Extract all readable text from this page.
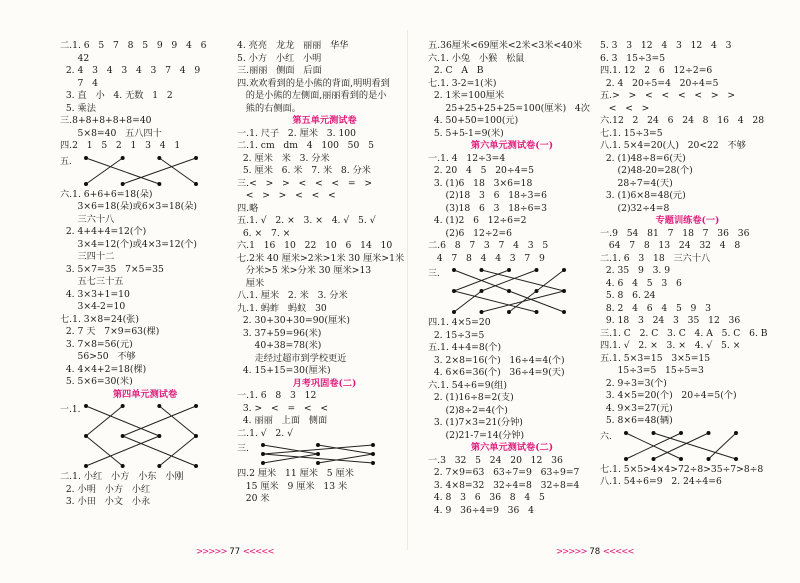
二.1. 6   5   7   8   5   9   9   4   6
42
2. 4   3   4   3   4   3   7   4   9
7   4
3. 直   小   4. 无数   1   2
5. 乘法
三.8+8+8+8+8=40
5×8=40   五八四十
四.2   1   5   2   1   3   4   1
五.
六.1. 6+6+6=18(朵)
3×6=18(朵)或6×3=18(朵)
三六十八
2. 4+4+4=12(个)
3×4=12(个)或4×3=12(个)
三四十二
3. 5×7=35   7×5=35
五七三十五
4. 3×3+1=10
3×4-2=10
七.1. 3×8=24(张)
2. 7 天   7×9=63(棵)
3. 7×8=56(元)
56>50   不够
4. 4×4+2=18(棵)
5. 5×6=30(米)
第四单元测试卷
一.1.
二.1. 小红   小方   小东   小刚
2. 小明   小方   小红
3. 小田   小文   小永
4. 亮亮   龙龙   丽丽   华华
5. 小方   小红   小明
三.丽丽   侧面   后面
四.欢欢看到的是小熊的背面,明明看到
的是小熊的左侧面,丽丽看到的是小
熊的右侧面。
第五单元测试卷
一.1. 尺子   2. 厘米   3. 100
二.1. cm   dm   4   100   50   5
2. 厘米   米   3. 分米
5. 厘米   6. 米   7. 米   8. 分米
三.<   >   >   <   <   <   =   >
<   >   >   <   <   <
四.略
五.1. √   2. ×   3. ×   4. √   5. √
6. ×   7. ×
六.1   16   10   22   10   6   14   10
七.2米 40 厘米>2米>1米 30 厘米>1米
分米>5 米>分米 30 厘米>13
厘米
八.1. 厘米   2. 米   3. 分米
九.1. 蚂蚱   蚂蚁   30
2. 30+30+30=90(厘米)
3. 37+59=96(米)
40+38=78(米)
走经过超市到学校更近
4. 15+15=30(厘米)
月考巩固卷(二)
一.1. 6   8   3   12
3. >   <   =   <   <
4. 丽丽   上面   侧面
二.1. √   2. √
三.
四.2 厘米   11 厘米   5 厘米
15 厘米   9 厘米   13 米
20 米
五.36厘米<69厘米<2米<3米<40米
六.1. 小兔   小猴   松鼠
2. C   A   B
七.1. 3-2=1(米)
2. 1米=100厘米
25+25+25+25=100(厘米)   4次
4. 50+50=100(元)
5. 5+5-1=9(米)
第六单元测试卷(一)
一.1. 4   12÷3=4
2. 20   4   5   20÷4=5
3. (1)6   18   3×6=18
(2)18   3   6   18÷3=6
(3)18   6   3   18÷6=3
4. (1)2   6   12÷6=2
(2)6   12÷2=6
二.6   8   7   3   7   4   3   5
4   7   8   4   4   3   7   9
三.
四.1. 4×5=20
2. 15÷3=5
五.1. 4+4=8(个)
3. 2×8=16(个)   16÷4=4(个)
4. 6×6=36(个)   36÷4=9(天)
六.1. 54÷6=9(组)
2. (1)16÷8=2(支)
(2)8÷2=4(个)
3. (1)7×3=21(分钟)
(2)21-7=14(分钟)
第六单元测试卷(二)
一.3   32   5   24   20   12   36
2. 7×9=63   63÷7=9   63÷9=7
3. 4×8=32   32÷4=8   32÷8=4
4. 8   3   6   36   8   4   5
4. 9   36÷4=9   36   4
5. 3   3   12   4   3   12   4   3
6. 3   15÷3=5
四.1. 12   2   6   12÷2=6
2. 4   20÷5=4   20÷4=5
五.>   >   <   <   <   <   >   >
<   <   >
六.12   2   24   6   24   8   16   4   28
七.1. 15÷3=5
八.1. 5×4=20(人)   20<22   不够
2. (1)48÷8=6(天)
(2)48-20=28(个)
28÷7=4(天)
3. (1)6×8=48(元)
(2)32÷4=8
专题训练卷(一)
一.9   54   81   7   18   7   36   36
64   7   8   13   24   32   4   8
二.1. 6   3   18   三六十八
2. 35   9   3. 9
4. 6   4   5   3   6
5. 8   6. 24
8. 2   4   6   4   5   9   3
9. 18   3   24   3   35   12   36
三.1. C   2. C   3. C   4. A   5. C   6. B
四.1. √   2. ×   3. ×   4. √   5. ×
五.1. 5×3=15   3×5=15
15÷3=5   15÷5=3
2. 9÷3=3(个)
3. 4×5=20(个)   20÷4=5(个)
4. 9×3=27(元)
5. 8×6=48(辆)
六.
七.1. 5×5>4×4>72÷8>35÷7>8÷8
八.1. 54÷6=9   2. 24÷4=6
>>>>> 77 <<<<<	>>>>> 78 <<<<<
